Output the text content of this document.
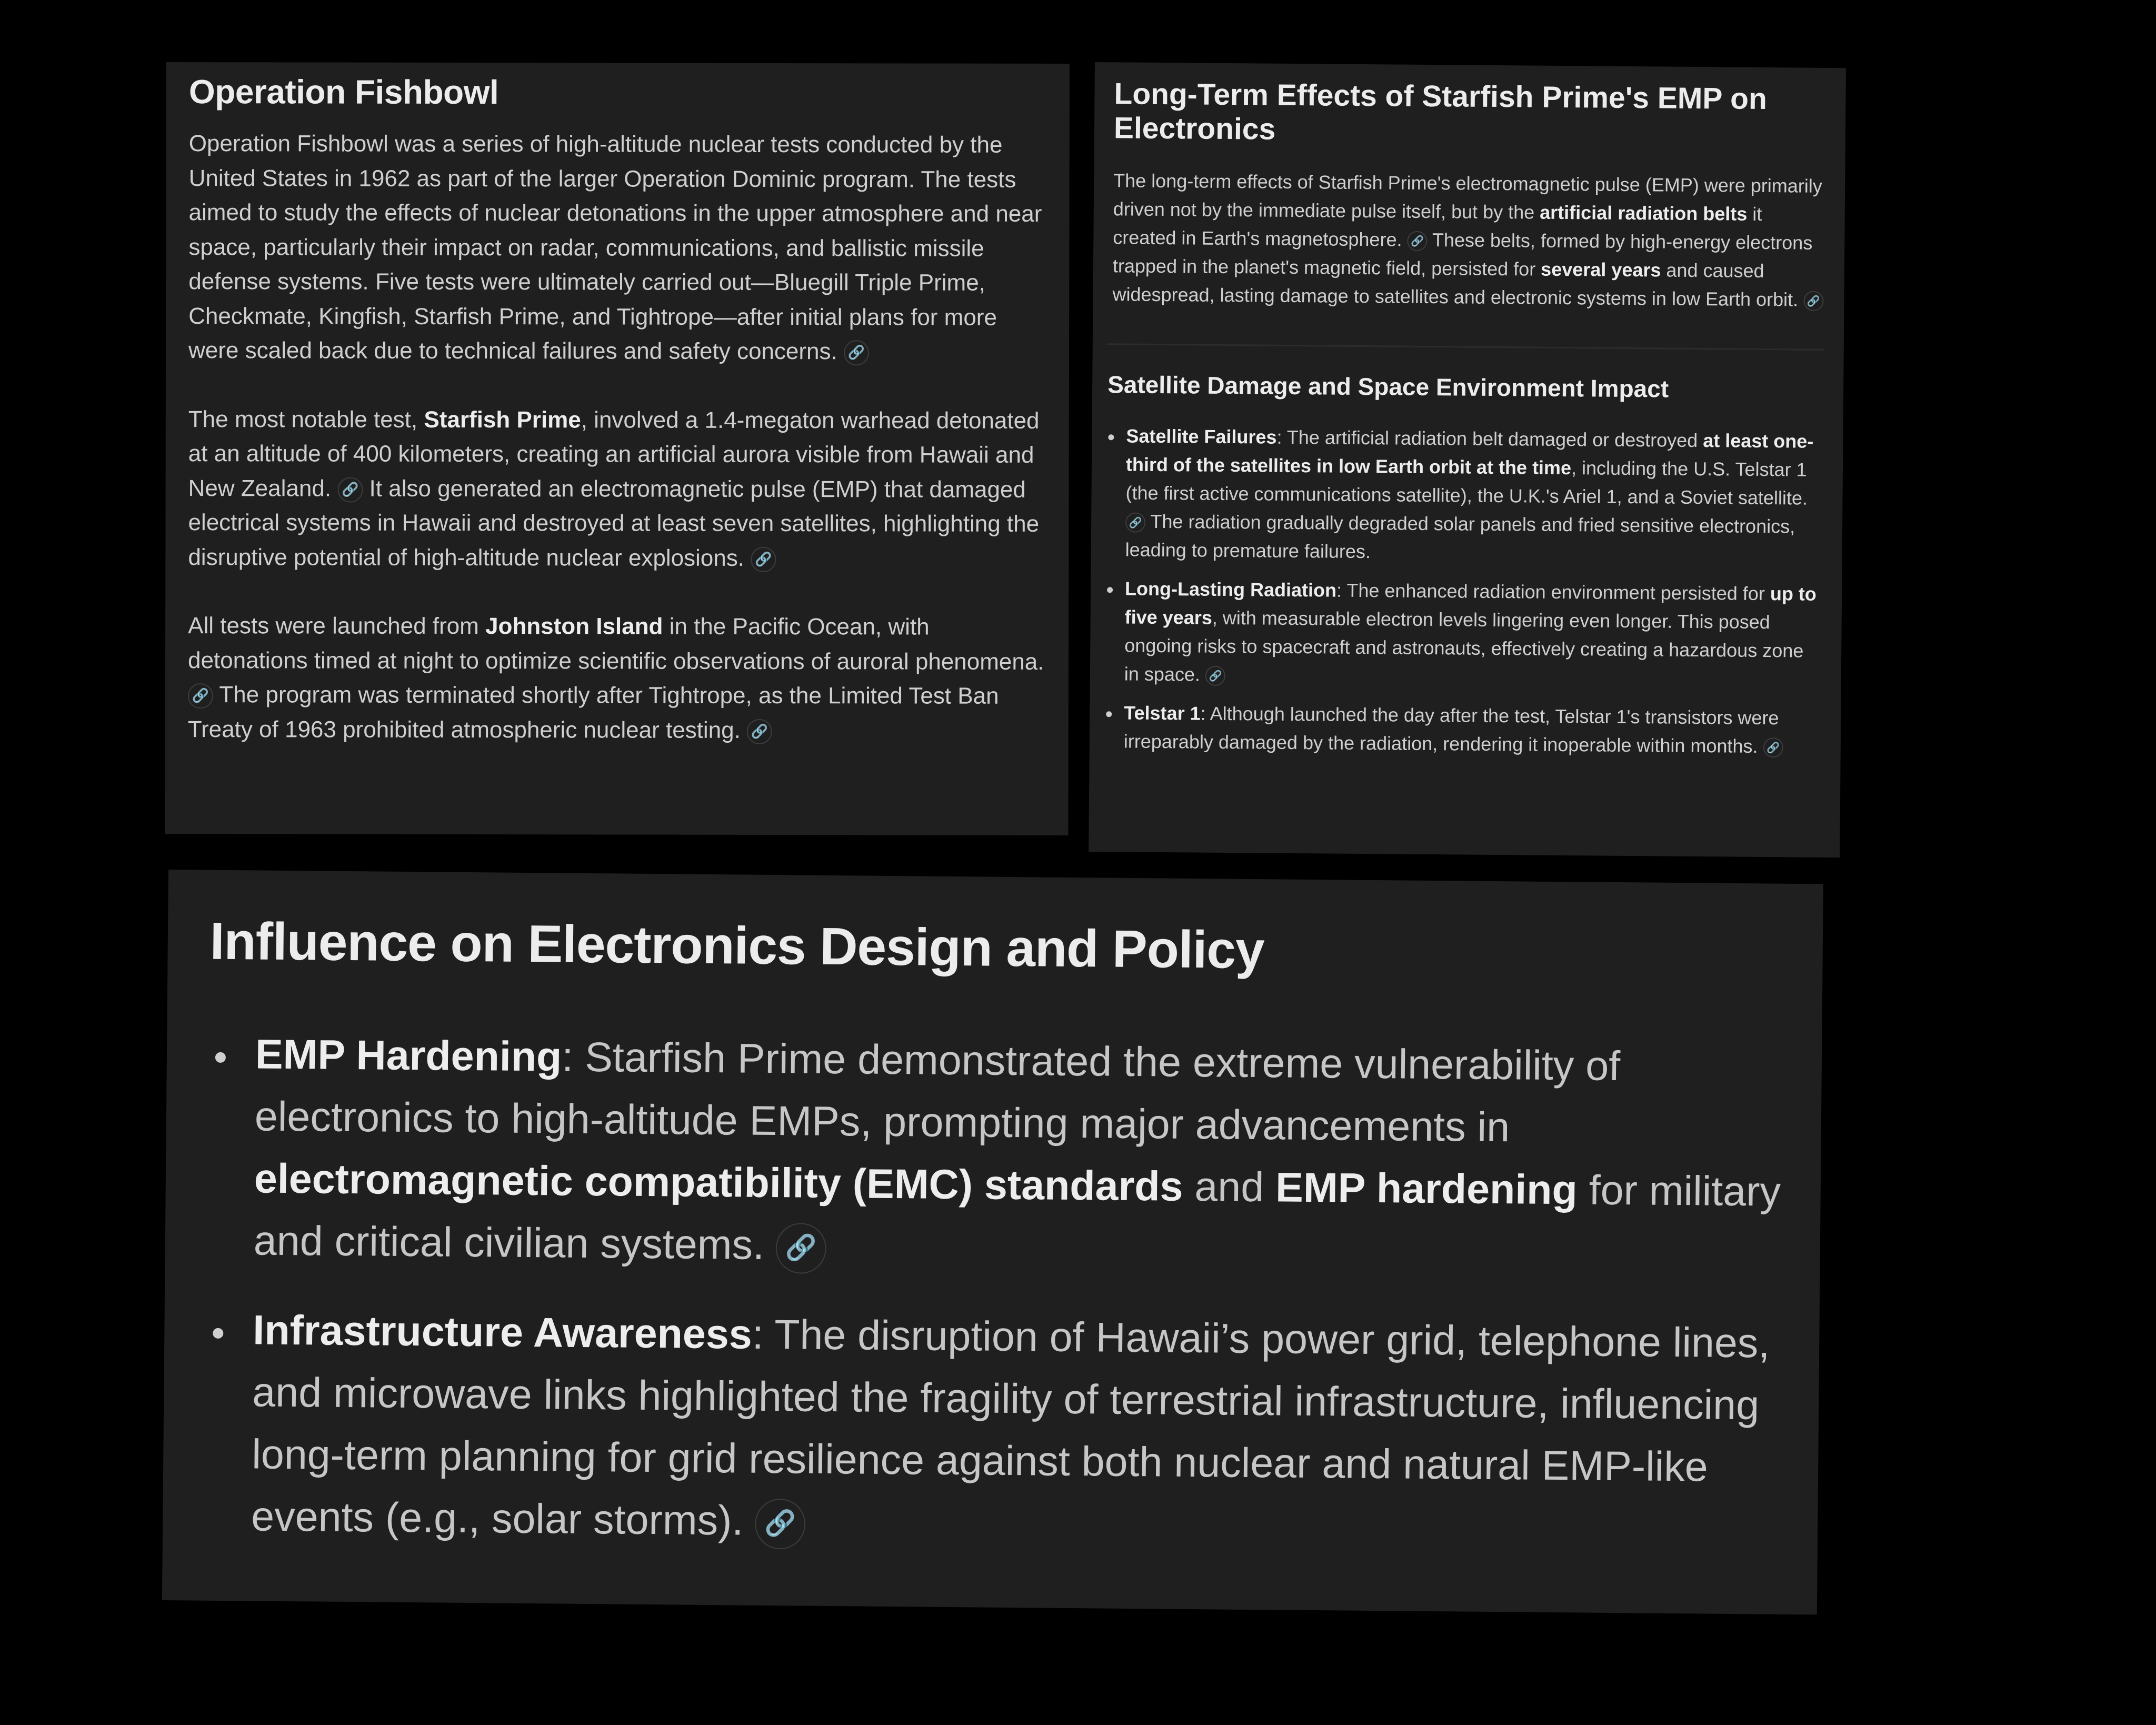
Operation Fishbowl

Operation Fishbowl was a series of high-altitude nuclear tests conducted by the United States in 1962 as part of the larger Operation Dominic program. The tests aimed to study the effects of nuclear detonations in the upper atmosphere and near space, particularly their impact on radar, communications, and ballistic missile defense systems. Five tests were ultimately carried out—Bluegill Triple Prime, Checkmate, Kingfish, Starfish Prime, and Tightrope—after initial plans for more were scaled back due to technical failures and safety concerns. 🔗

The most notable test, Starfish Prime, involved a 1.4-megaton warhead detonated at an altitude of 400 kilometers, creating an artificial aurora visible from Hawaii and New Zealand. 🔗 It also generated an electromagnetic pulse (EMP) that damaged electrical systems in Hawaii and destroyed at least seven satellites, highlighting the disruptive potential of high-altitude nuclear explosions. 🔗

All tests were launched from Johnston Island in the Pacific Ocean, with detonations timed at night to optimize scientific observations of auroral phenomena. 🔗 The program was terminated shortly after Tightrope, as the Limited Test Ban Treaty of 1963 prohibited atmospheric nuclear testing. 🔗

Long-Term Effects of Starfish Prime's EMP on Electronics

The long-term effects of Starfish Prime's electromagnetic pulse (EMP) were primarily driven not by the immediate pulse itself, but by the artificial radiation belts it created in Earth's magnetosphere. 🔗 These belts, formed by high-energy electrons trapped in the planet's magnetic field, persisted for several years and caused widespread, lasting damage to satellites and electronic systems in low Earth orbit. 🔗

Satellite Damage and Space Environment Impact
Satellite Failures: The artificial radiation belt damaged or destroyed at least one-third of the satellites in low Earth orbit at the time, including the U.S. Telstar 1 (the first active communications satellite), the U.K.'s Ariel 1, and a Soviet satellite. 🔗 The radiation gradually degraded solar panels and fried sensitive electronics, leading to premature failures.
Long-Lasting Radiation: The enhanced radiation environment persisted for up to five years, with measurable electron levels lingering even longer. This posed ongoing risks to spacecraft and astronauts, effectively creating a hazardous zone in space. 🔗
Telstar 1: Although launched the day after the test, Telstar 1's transistors were irreparably damaged by the radiation, rendering it inoperable within months. 🔗
Influence on Electronics Design and Policy
EMP Hardening: Starfish Prime demonstrated the extreme vulnerability of electronics to high-altitude EMPs, prompting major advancements in electromagnetic compatibility (EMC) standards and EMP hardening for military and critical civilian systems. 🔗
Infrastructure Awareness: The disruption of Hawaii’s power grid, telephone lines, and microwave links highlighted the fragility of terrestrial infrastructure, influencing long-term planning for grid resilience against both nuclear and natural EMP-like events (e.g., solar storms). 🔗
